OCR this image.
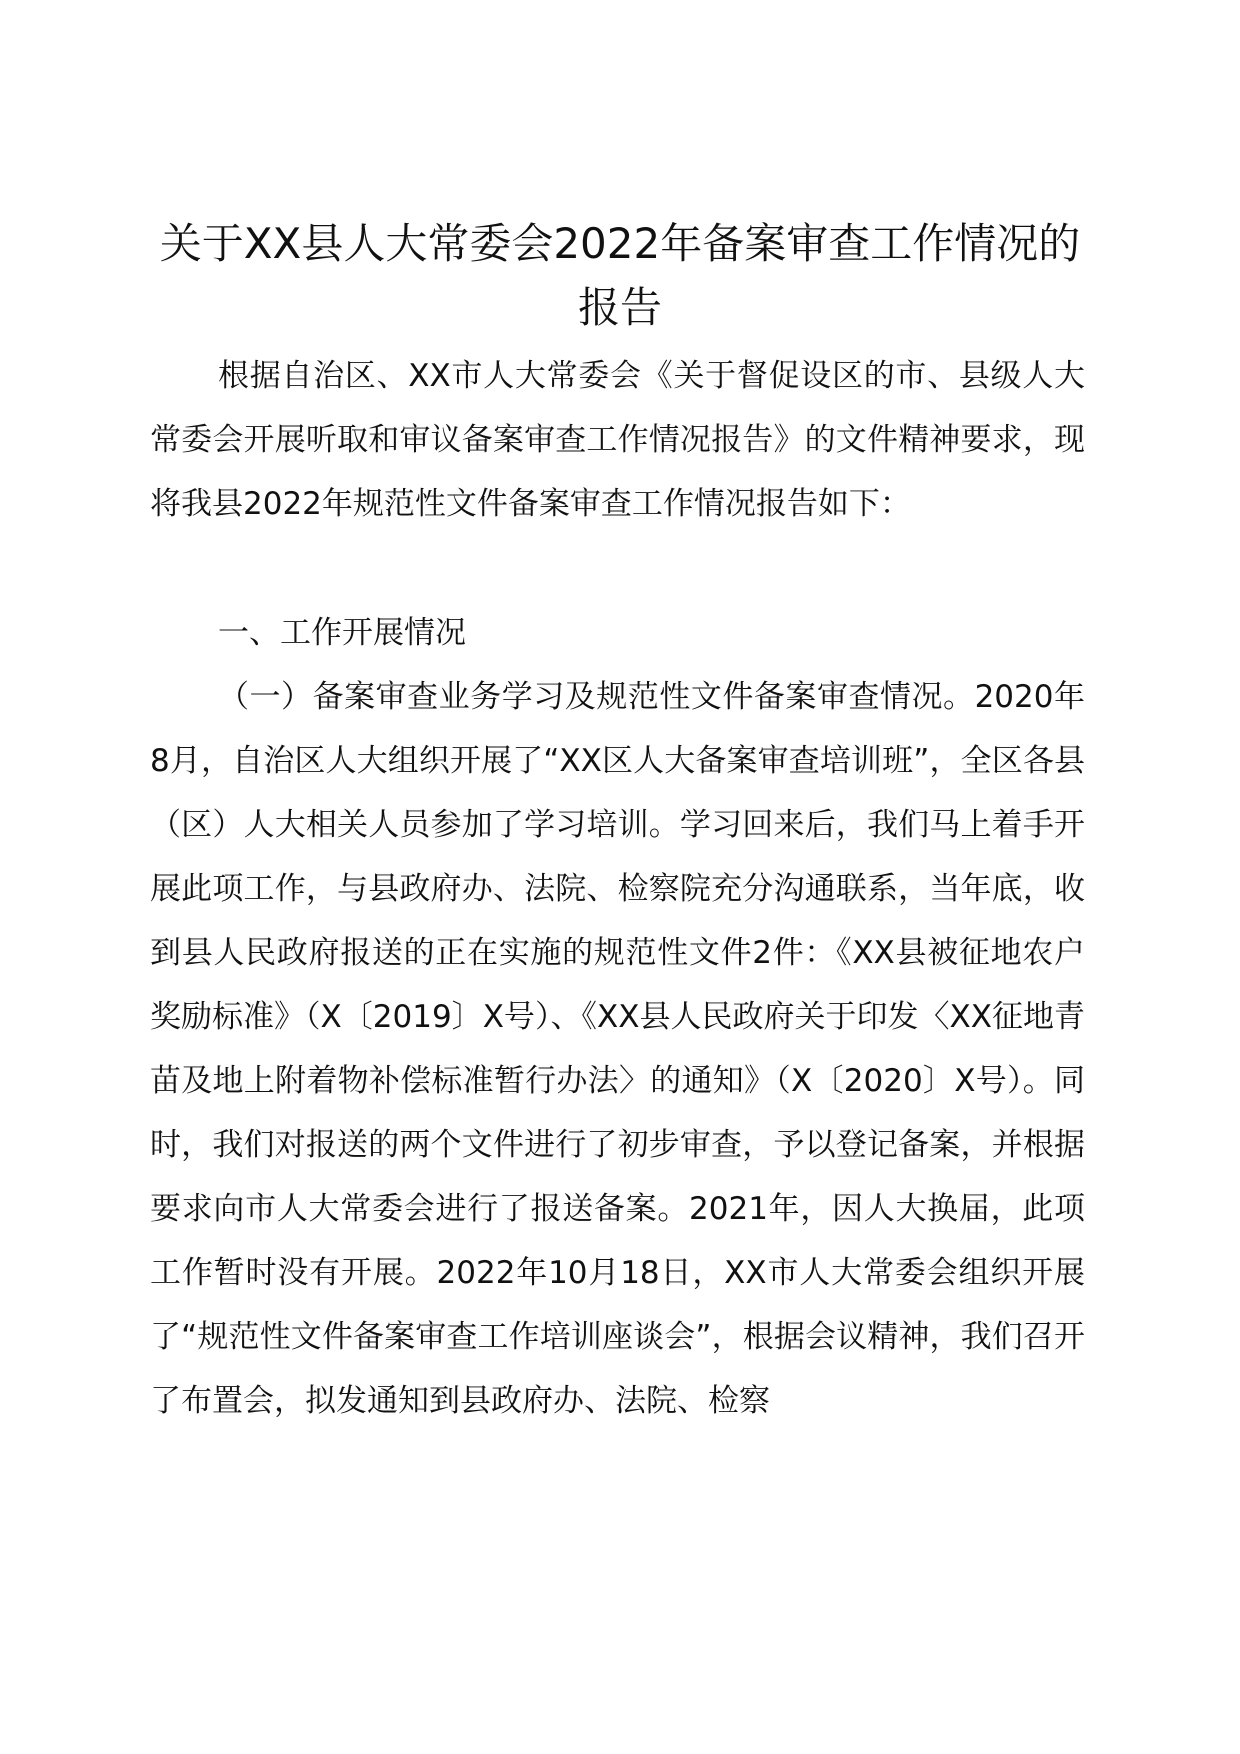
关于XX县人大常委会2022年备案审查工作情况的报告

根据自治区、XX市人大常委会《关于督促设区的市、县级人大常委会开展听取和审议备案审查工作情况报告》的文件精神要求，现将我县2022年规范性文件备案审查工作情况报告如下：

一、工作开展情况

（一）备案审查业务学习及规范性文件备案审查情况。2020年8月，自治区人大组织开展了“XX区人大备案审查培训班”，全区各县（区）人大相关人员参加了学习培训。学习回来后，我们马上着手开展此项工作，与县政府办、法院、检察院充分沟通联系，当年底，收到县人民政府报送的正在实施的规范性文件2件：《XX县被征地农户奖励标准》（X〔2019〕X号）、《XX县人民政府关于印发〈XX征地青苗及地上附着物补偿标准暂行办法〉的通知》（X〔2020〕X号）。同时，我们对报送的两个文件进行了初步审查，予以登记备案，并根据要求向市人大常委会进行了报送备案。2021年，因人大换届，此项工作暂时没有开展。2022年10月18日，XX市人大常委会组织开展了“规范性文件备案审查工作培训座谈会”，根据会议精神，我们召开了布置会，拟发通知到县政府办、法院、检察
